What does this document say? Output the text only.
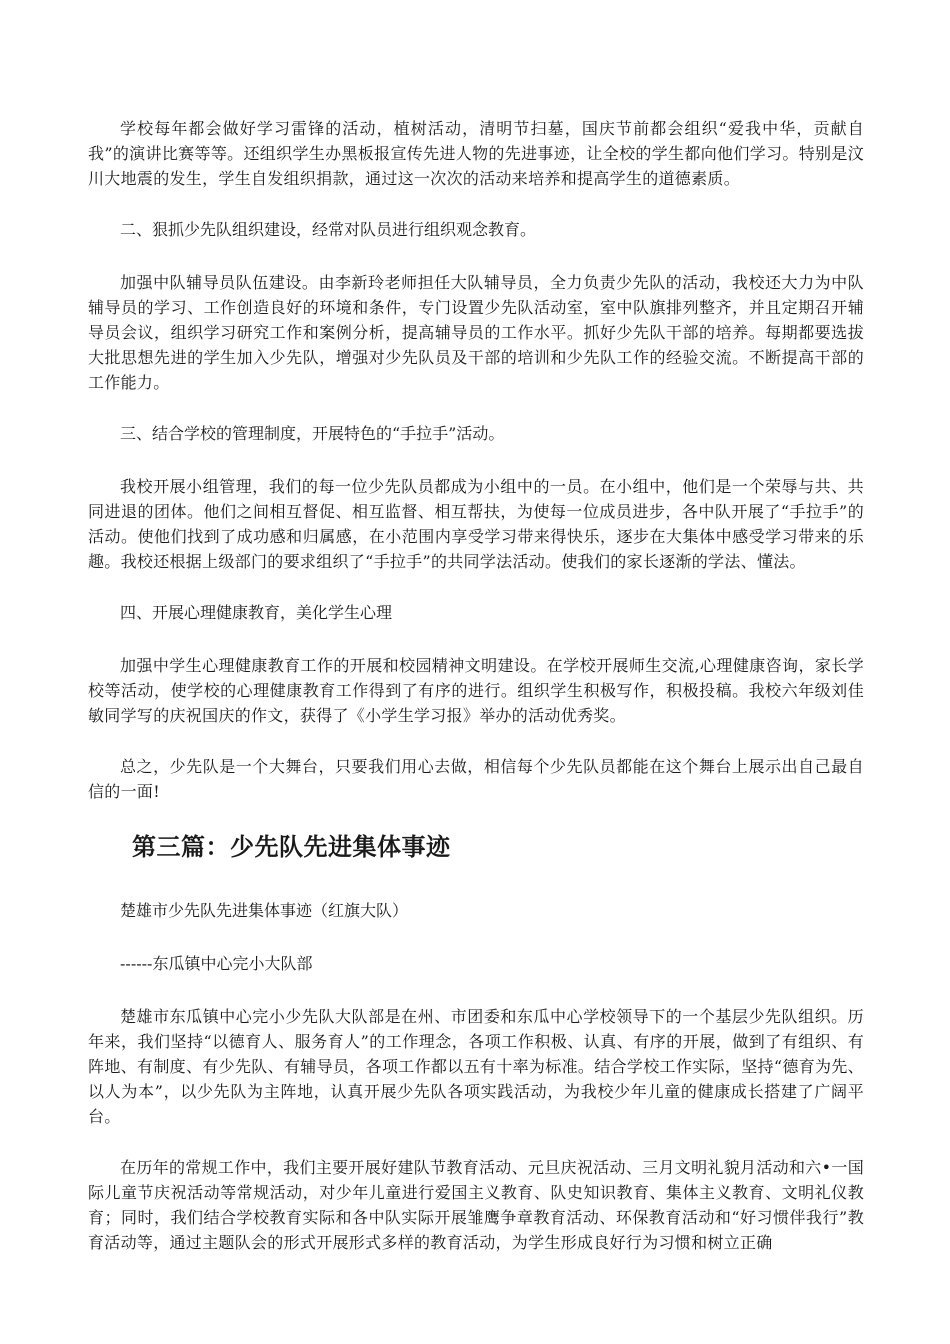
学校每年都会做好学习雷锋的活动，植树活动，清明节扫墓，国庆节前都会组织“爱我中华，贡献自我”的演讲比赛等等。还组织学生办黑板报宣传先进人物的先进事迹，让全校的学生都向他们学习。特别是汶川大地震的发生，学生自发组织捐款，通过这一次次的活动来培养和提高学生的道德素质。

二、狠抓少先队组织建设，经常对队员进行组织观念教育。

加强中队辅导员队伍建设。由李新玲老师担任大队辅导员，全力负责少先队的活动，我校还大力为中队辅导员的学习、工作创造良好的环境和条件，专门设置少先队活动室，室中队旗排列整齐，并且定期召开辅导员会议，组织学习研究工作和案例分析，提高辅导员的工作水平。抓好少先队干部的培养。每期都要选拔大批思想先进的学生加入少先队，增强对少先队员及干部的培训和少先队工作的经验交流。不断提高干部的工作能力。

三、结合学校的管理制度，开展特色的“手拉手”活动。

我校开展小组管理，我们的每一位少先队员都成为小组中的一员。在小组中，他们是一个荣辱与共、共同进退的团体。他们之间相互督促、相互监督、相互帮扶，为使每一位成员进步，各中队开展了“手拉手”的活动。使他们找到了成功感和归属感，在小范围内享受学习带来得快乐，逐步在大集体中感受学习带来的乐趣。我校还根据上级部门的要求组织了“手拉手”的共同学法活动。使我们的家长逐渐的学法、懂法。

四、开展心理健康教育，美化学生心理

加强中学生心理健康教育工作的开展和校园精神文明建设。在学校开展师生交流,心理健康咨询，家长学校等活动，使学校的心理健康教育工作得到了有序的进行。组织学生积极写作，积极投稿。我校六年级刘佳敏同学写的庆祝国庆的作文，获得了《小学生学习报》举办的活动优秀奖。

总之，少先队是一个大舞台，只要我们用心去做，相信每个少先队员都能在这个舞台上展示出自己最自信的一面!

第三篇：少先队先进集体事迹

楚雄市少先队先进集体事迹（红旗大队）

------东瓜镇中心完小大队部

楚雄市东瓜镇中心完小少先队大队部是在州、市团委和东瓜中心学校领导下的一个基层少先队组织。历年来，我们坚持“以德育人、服务育人”的工作理念，各项工作积极、认真、有序的开展，做到了有组织、有阵地、有制度、有少先队、有辅导员，各项工作都以五有十率为标准。结合学校工作实际，坚持“德育为先、以人为本”，以少先队为主阵地，认真开展少先队各项实践活动，为我校少年儿童的健康成长搭建了广阔平台。

在历年的常规工作中，我们主要开展好建队节教育活动、元旦庆祝活动、三月文明礼貌月活动和六•一国际儿童节庆祝活动等常规活动，对少年儿童进行爱国主义教育、队史知识教育、集体主义教育、文明礼仪教育；同时，我们结合学校教育实际和各中队实际开展雏鹰争章教育活动、环保教育活动和“好习惯伴我行”教育活动等，通过主题队会的形式开展形式多样的教育活动，为学生形成良好行为习惯和树立正确
